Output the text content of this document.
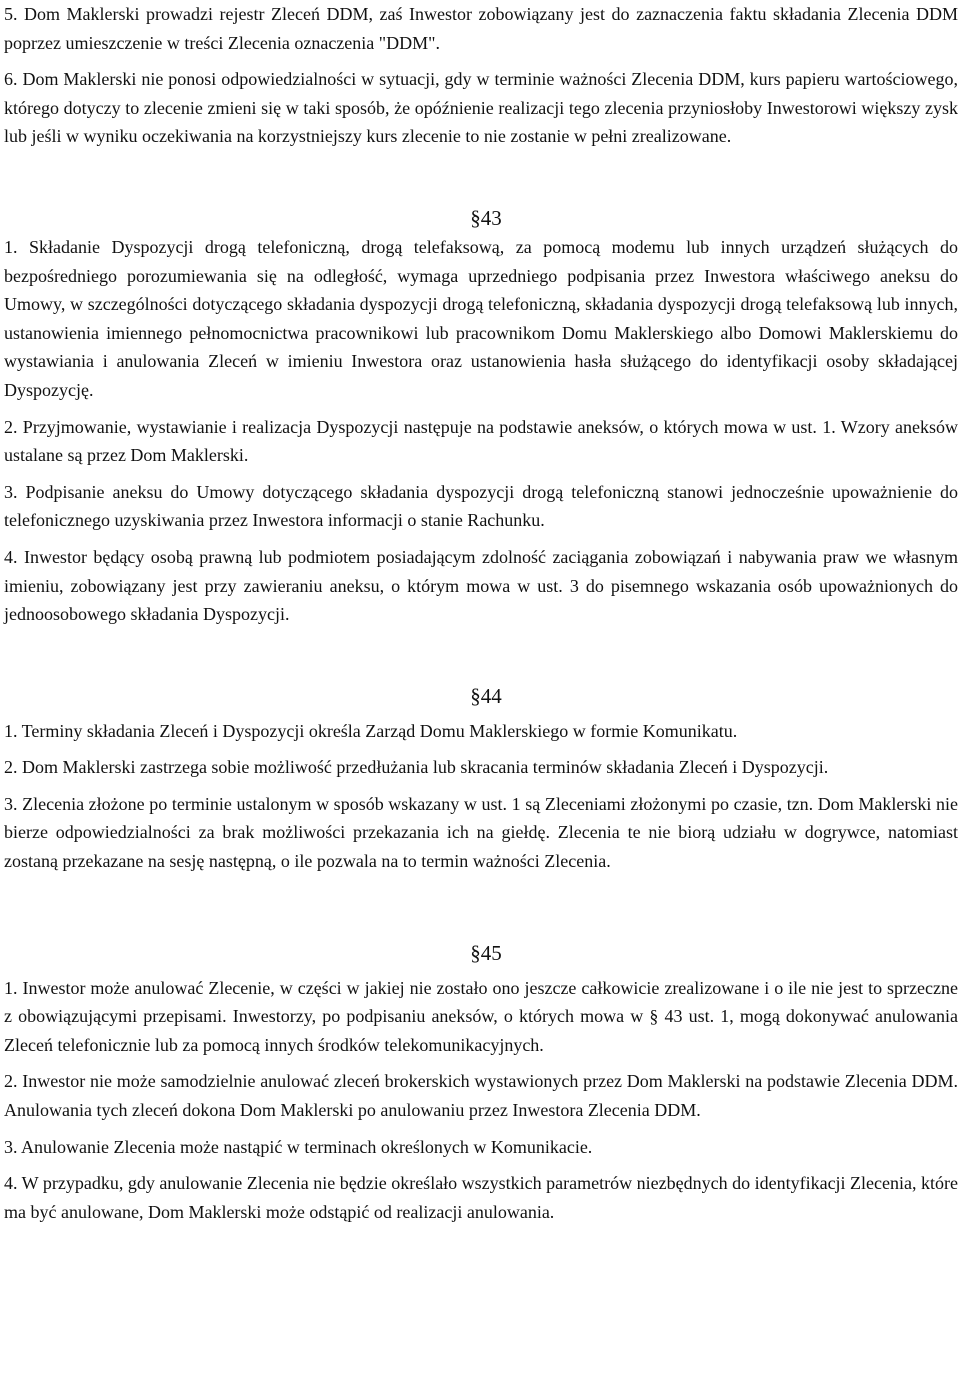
5. Dom Maklerski prowadzi rejestr Zleceń DDM, zaś Inwestor zobowiązany jest do zaznaczenia faktu składania Zlecenia DDM poprzez umieszczenie w treści Zlecenia oznaczenia "DDM".

6. Dom Maklerski nie ponosi odpowiedzialności w sytuacji, gdy w terminie ważności Zlecenia DDM, kurs papieru wartościowego, którego dotyczy to zlecenie zmieni się w taki sposób, że opóźnienie realizacji tego zlecenia przyniosłoby Inwestorowi większy zysk lub jeśli w wyniku oczekiwania na korzystniejszy kurs zlecenie to nie zostanie w pełni zrealizowane.

§43

1. Składanie Dyspozycji drogą telefoniczną, drogą telefaksową, za pomocą modemu lub innych urządzeń służących do bezpośredniego porozumiewania się na odległość, wymaga uprzedniego podpisania przez Inwestora właściwego aneksu do Umowy, w szczególności dotyczącego składania dyspozycji drogą telefoniczną, składania dyspozycji drogą telefaksową lub innych, ustanowienia imiennego pełnomocnictwa pracownikowi lub pracownikom Domu Maklerskiego albo Domowi Maklerskiemu do wystawiania i anulowania Zleceń w imieniu Inwestora oraz ustanowienia hasła służącego do identyfikacji osoby składającej Dyspozycję.

2. Przyjmowanie, wystawianie i realizacja Dyspozycji następuje na podstawie aneksów, o których mowa w ust. 1. Wzory aneksów ustalane są przez Dom Maklerski.

3. Podpisanie aneksu do Umowy dotyczącego składania dyspozycji drogą telefoniczną stanowi jednocześnie upoważnienie do telefonicznego uzyskiwania przez Inwestora informacji o stanie Rachunku.

4. Inwestor będący osobą prawną lub podmiotem posiadającym zdolność zaciągania zobowiązań i nabywania praw we własnym imieniu, zobowiązany jest przy zawieraniu aneksu, o którym mowa w ust. 3 do pisemnego wskazania osób upoważnionych do jednoosobowego składania Dyspozycji.

§44

1. Terminy składania Zleceń i Dyspozycji określa Zarząd Domu Maklerskiego w formie Komunikatu.

2. Dom Maklerski zastrzega sobie możliwość przedłużania lub skracania terminów składania Zleceń i Dyspozycji.

3. Zlecenia złożone po terminie ustalonym w sposób wskazany w ust. 1 są Zleceniami złożonymi po czasie, tzn. Dom Maklerski nie bierze odpowiedzialności za brak możliwości przekazania ich na giełdę. Zlecenia te nie biorą udziału w dogrywce, natomiast zostaną przekazane na sesję następną, o ile pozwala na to termin ważności Zlecenia.

§45

1. Inwestor może anulować Zlecenie, w części w jakiej nie zostało ono jeszcze całkowicie zrealizowane i o ile nie jest to sprzeczne z obowiązującymi przepisami. Inwestorzy, po podpisaniu aneksów, o których mowa w § 43 ust. 1, mogą dokonywać anulowania Zleceń telefonicznie lub za pomocą innych środków telekomunikacyjnych.

2. Inwestor nie może samodzielnie anulować zleceń brokerskich wystawionych przez Dom Maklerski na podstawie Zlecenia DDM. Anulowania tych zleceń dokona Dom Maklerski po anulowaniu przez Inwestora Zlecenia DDM.

3. Anulowanie Zlecenia może nastąpić w terminach określonych w Komunikacie.

4. W przypadku, gdy anulowanie Zlecenia nie będzie określało wszystkich parametrów niezbędnych do identyfikacji Zlecenia, które ma być anulowane, Dom Maklerski może odstąpić od realizacji anulowania.
